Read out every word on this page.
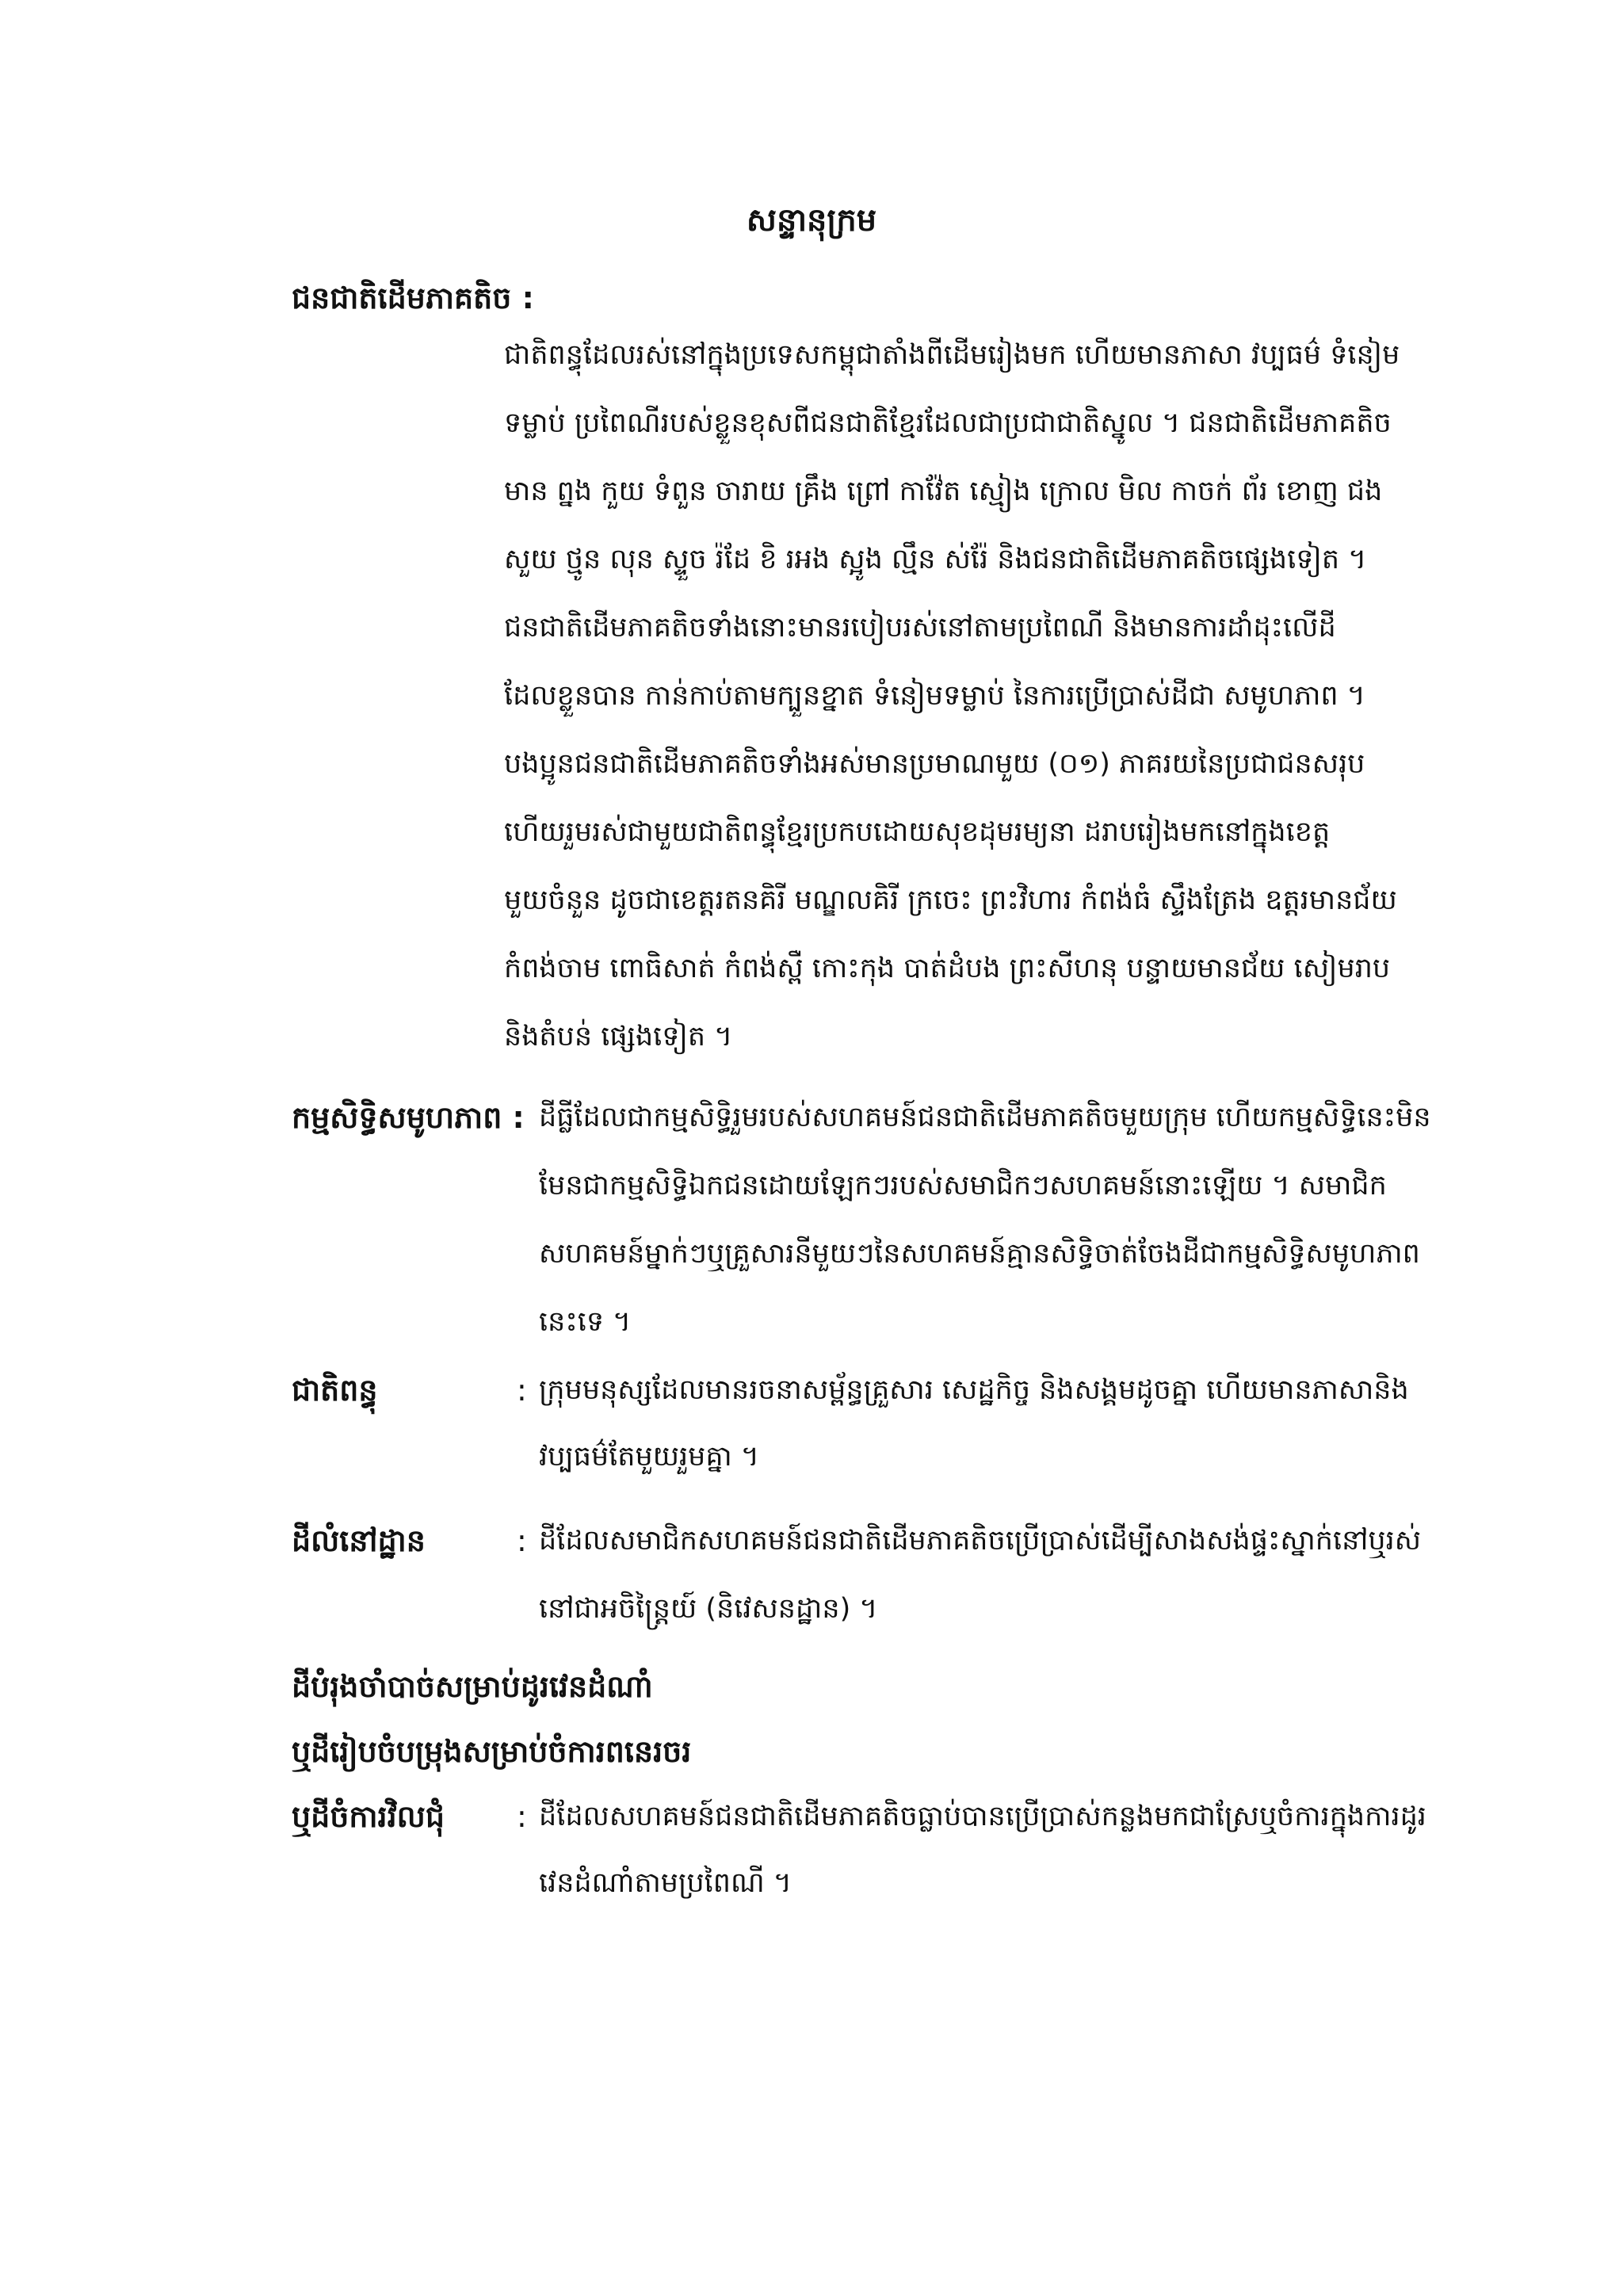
សន្ទានុក្រម
ជនជាតិដើមភាគតិច :
ជាតិពន្ធុដែលរស់នៅក្នុងប្រទេសកម្ពុជាតាំងពីដើមរៀងមក ហើយមានភាសា វប្បធម៌ ទំនៀម
ទម្លាប់ ប្រពៃណីរបស់ខ្លួនខុសពីជនជាតិខ្មែរដែលជាប្រជាជាតិស្នូល ។ ជនជាតិដើមភាគតិច
មាន ព្នង កួយ ទំពួន ចារាយ គ្រឹង ព្រៅ កាវ៉ែត ស្មៀង ក្រោល មិល កាចក់ ព័រ ខោញ ជង
សួយ ថ្មូន លុន ស្ទួច រ៉ដែ ខិ រអង ស្អូង ល្មឹន ស់រ៉ែ និងជនជាតិដើមភាគតិចផ្សេងទៀត ។
ជនជាតិដើមភាគតិចទាំងនោះមានរបៀបរស់នៅតាមប្រពៃណី និងមានការដាំដុះលើដី
ដែលខ្លួនបាន កាន់កាប់តាមក្បួនខ្នាត ទំនៀមទម្លាប់ នៃការប្រើប្រាស់ដីជា សមូហភាព ។
បងប្អូនជនជាតិដើមភាគតិចទាំងអស់មានប្រមាណមួយ (០១) ភាគរយនៃប្រជាជនសរុប
ហើយរួមរស់ជាមួយជាតិពន្ធុខ្មែរប្រកបដោយសុខដុមរម្យនា ដរាបរៀងមកនៅក្នុងខេត្ត
មួយចំនួន ដូចជាខេត្តរតនគិរី មណ្ឌលគិរី ក្រចេះ ព្រះវិហារ កំពង់ធំ ស្ទឹងត្រែង ឧត្តរមានជ័យ
កំពង់ចាម ពោធិសាត់ កំពង់ស្ពឺ កោះកុង បាត់ដំបង ព្រះសីហនុ បន្ទាយមានជ័យ សៀមរាប
និងតំបន់ ផ្សេងទៀត ។
កម្មសិទ្ធិសមូហភាព : ដីធ្លីដែលជាកម្មសិទ្ធិរួមរបស់សហគមន៍ជនជាតិដើមភាគតិចមួយក្រុម ហើយកម្មសិទ្ធិនេះមិន
មែនជាកម្មសិទ្ធិឯកជនដោយឡែកៗរបស់សមាជិកៗសហគមន៍នោះឡើយ ។ សមាជិក
សហគមន៍ម្នាក់ៗឬគ្រួសារនីមួយៗនៃសហគមន៍គ្មានសិទ្ធិចាត់ចែងដីជាកម្មសិទ្ធិសមូហភាព
នេះទេ ។
ជាតិពន្ធុ	: ក្រុមមនុស្សដែលមានរចនាសម្ព័ន្ធគ្រួសារ សេដ្ឋកិច្ច និងសង្គមដូចគ្នា ហើយមានភាសានិង
វប្បធម៌តែមួយរួមគ្នា ។
ដីលំនៅដ្ឋាន	: ដីដែលសមាជិកសហគមន៍ជនជាតិដើមភាគតិចប្រើប្រាស់ដើម្បីសាងសង់ផ្ទះស្នាក់នៅឬរស់
នៅជាអចិន្ត្រៃយ៍ (និវេសនដ្ឋាន) ។
ដីបំរុងចាំបាច់សម្រាប់ដូរវេនដំណាំ
ឬដីរៀបចំបម្រុងសម្រាប់ចំការពនេរចរ
ឬដីចំការវិលជុំ : ដីដែលសហគមន៍ជនជាតិដើមភាគតិចធ្លាប់បានប្រើប្រាស់កន្លងមកជាស្រែឬចំការក្នុងការដូរ
វេនដំណាំតាមប្រពៃណី ។
